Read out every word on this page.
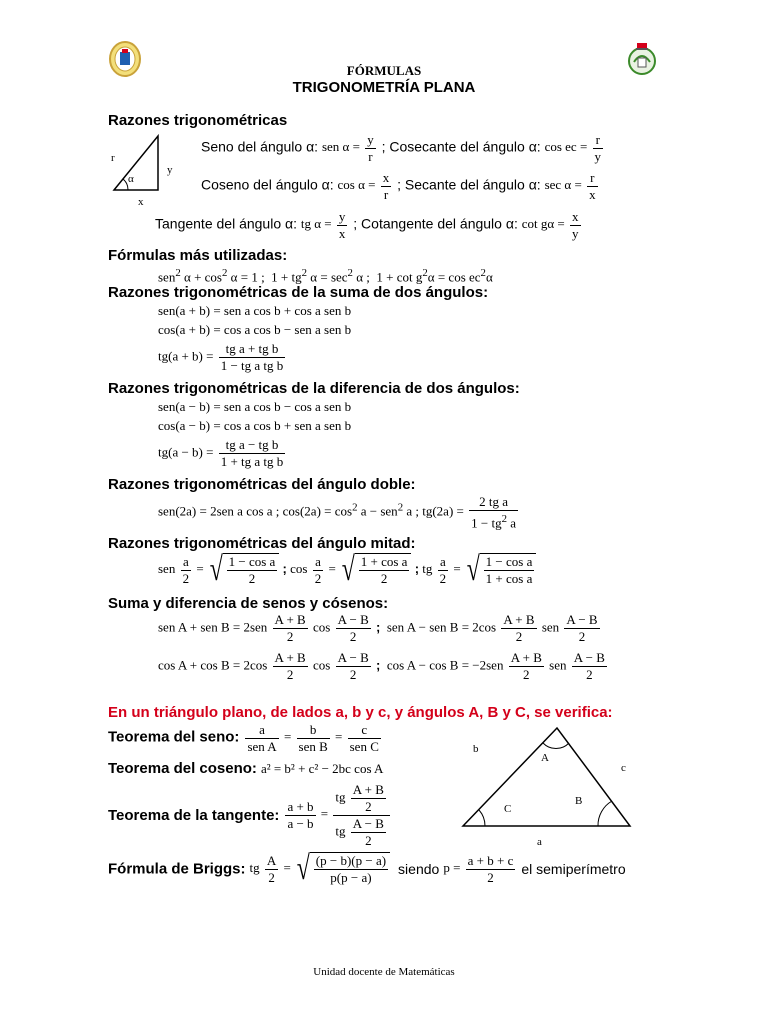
FÓRMULAS
TRIGONOMETRÍA PLANA
Razones trigonométricas
r
y
x
α
Seno del ángulo α: sen $\alpha = \frac{y}{r}$ ; Cosecante del ángulo α: cos ec = $\frac{r}{y}$
Coseno del ángulo α: $\cos \alpha = \frac{x}{r}$ ; Secante del ángulo α: $\sec \alpha = \frac{r}{x}$
Tangente del ángulo α: tg $\alpha = \frac{y}{x}$ ; Cotangente del ángulo α: $\cot g\alpha = \frac{x}{y}$
Fórmulas más utilizadas:
sen$^2$ $\alpha + \cos^2 \alpha = 1$ ;  $1 + tg^2$ $\alpha = \sec^2 \alpha$ ;  $1 + \cot g^2\alpha = \cos ec^2\alpha$
Razones trigonométricas de la suma de dos ángulos:
sen(a + b) = sen a cos b + cos a sen b
cos(a + b) = cos a cos b − sen a sen b
$tg(a + b) = \frac{\text{tg a + tg b}}{\text{1 − tg a tg b}}$
Razones trigonométricas de la diferencia de dos ángulos:
sen(a − b) = sen a cos b − cos a sen b
cos(a − b) = cos a cos b + sen a sen b
$tg(a - b) = \frac{\text{tg a − tg b}}{\text{1 + tg a tg b}}$
Razones trigonométricas del ángulo doble:
sen(2a) = 2sen a cos a ; $\cos(2a) = \cos^2 a - sen^2$ a ; $tg(2a) = \frac{\text{2 tg a}}{1 - tg^2 a}$
Razones trigonométricas del ángulo mitad:
sen $\frac{a}{2}$ = √ $\frac{\text{1 − cos a}}{2}$ ; $\cos \frac{a}{2}$ = √ $\frac{\text{1 + cos a}}{2}$ ; tg $\frac{a}{2}$ = √ $\frac{\text{1 − cos a}}{\text{1 + cos a}}$
Suma y diferencia de senos y cósenos:
sen A + sen $B = 2sen \frac{A + B}{2}$ $\cos \frac{A - B}{2}$ ;  sen A − sen $B = 2\cos \frac{A + B}{2}$ sen $\frac{A - B}{2}$
$\cos A + \cos B = 2\cos \frac{A + B}{2}$ $\cos \frac{A - B}{2}$ ;  $\cos A - \cos B = -2sen \frac{A + B}{2}$ sen $\frac{A - B}{2}$
En un triángulo plano, de lados a, b y c, y ángulos A, B y C, se verifica:
Teorema del seno: $\frac{a}{\text{sen A}} = \frac{b}{\text{sen B}} = \frac{c}{\text{sen C}}$
Teorema del coseno: a² = b² + c² − 2bc cos A
Teorema de la tangente: $\frac{a + b}{a - b} = \frac{tg \frac{A + B}{2}}{tg \frac{A - B}{2}}$
Fórmula de Briggs: tg $\frac{A}{2}$ = √ $\frac{(p - b)(p - a)}{p(p - a)}$ siendo $p = \frac{a + b + c}{2}$ el semiperímetro
b
A
c
B
C
a
Unidad docente de Matemáticas
